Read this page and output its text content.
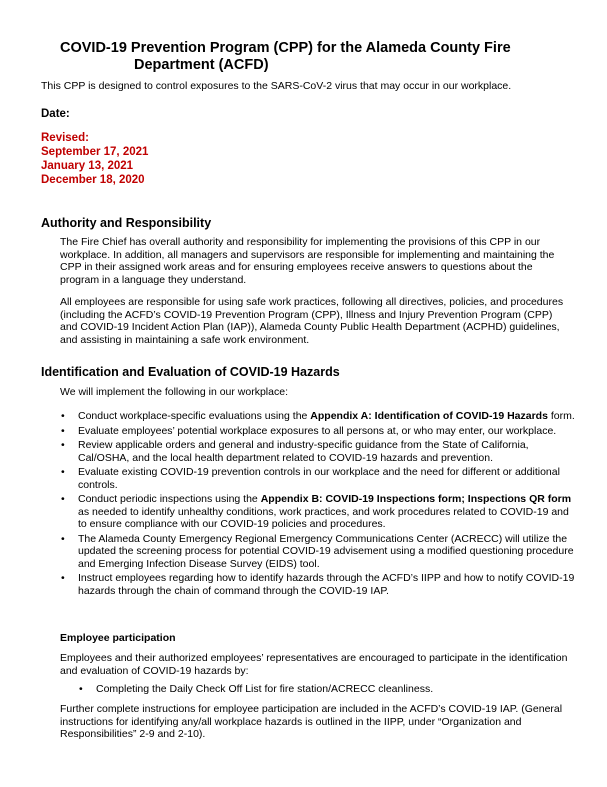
COVID-19 Prevention Program (CPP) for the Alameda County Fire
Department (ACFD)

This CPP is designed to control exposures to the SARS-CoV-2 virus that may occur in our workplace.

Date:

Revised:
September 17, 2021
January 13, 2021
December 18, 2020
Authority and Responsibility

The Fire Chief has overall authority and responsibility for implementing the provisions of this CPP in our workplace. In addition, all managers and supervisors are responsible for implementing and maintaining the CPP in their assigned work areas and for ensuring employees receive answers to questions about the program in a language they understand.

All employees are responsible for using safe work practices, following all directives, policies, and procedures (including the ACFD’s COVID-19 Prevention Program (CPP), Illness and Injury Prevention Program (CPP) and COVID-19 Incident Action Plan (IAP)), Alameda County Public Health Department (ACPHD) guidelines, and assisting in maintaining a safe work environment.

Identification and Evaluation of COVID-19 Hazards

We will implement the following in our workplace:

• Conduct workplace-specific evaluations using the Appendix A: Identification of COVID-19 Hazards form.
• Evaluate employees’ potential workplace exposures to all persons at, or who may enter, our workplace.
• Review applicable orders and general and industry-specific guidance from the State of California, Cal/OSHA, and the local health department related to COVID-19 hazards and prevention.
• Evaluate existing COVID-19 prevention controls in our workplace and the need for different or additional controls.
• Conduct periodic inspections using the Appendix B: COVID-19 Inspections form; Inspections QR form as needed to identify unhealthy conditions, work practices, and work procedures related to COVID-19 and to ensure compliance with our COVID-19 policies and procedures.
• The Alameda County Emergency Regional Emergency Communications Center (ACRECC) will utilize the updated the screening process for potential COVID-19 advisement using a modified questioning procedure and Emerging Infection Disease Survey (EIDS) tool.
• Instruct employees regarding how to identify hazards through the ACFD’s IIPP and how to notify COVID-19 hazards through the chain of command through the COVID-19 IAP.
Employee participation

Employees and their authorized employees’ representatives are encouraged to participate in the identification and evaluation of COVID-19 hazards by:

• Completing the Daily Check Off List for fire station/ACRECC cleanliness.

Further complete instructions for employee participation are included in the ACFD’s COVID-19 IAP. (General instructions for identifying any/all workplace hazards is outlined in the IIPP, under “Organization and Responsibilities” 2-9 and 2-10).
